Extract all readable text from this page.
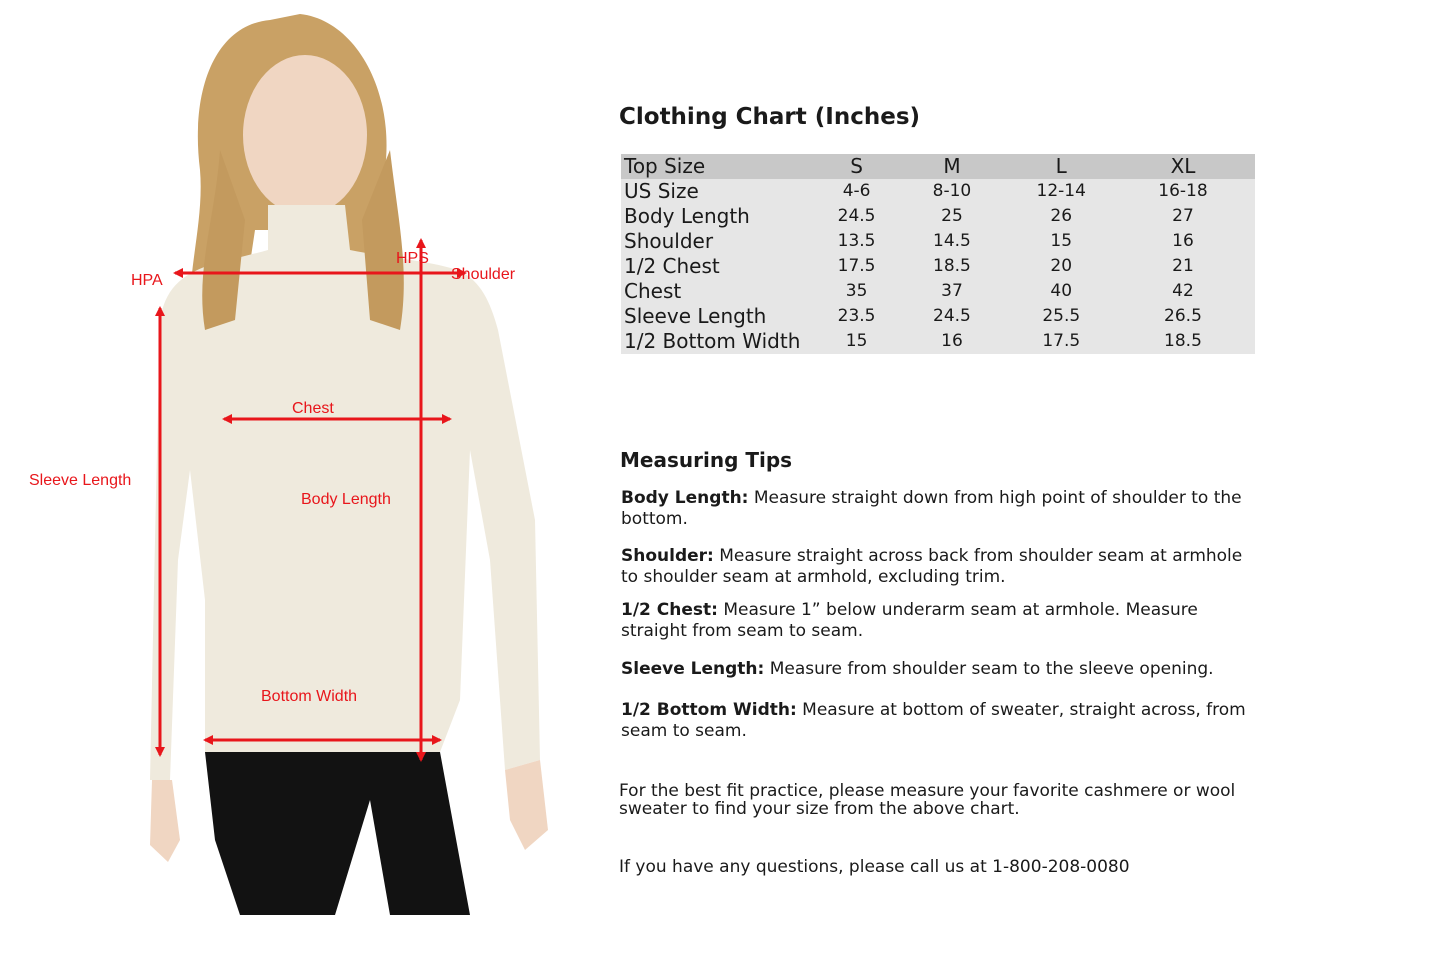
HPA
HPS
Shoulder
Chest
Body Length
Sleeve Length
Bottom Width
Clothing Chart (Inches)
Top Size	S	M	L	XL
US Size	4-6	8-10	12-14	16-18
Body Length	24.5	25	26	27
Shoulder	13.5	14.5	15	16
1/2 Chest	17.5	18.5	20	21
Chest	35	37	40	42
Sleeve Length	23.5	24.5	25.5	26.5
1/2 Bottom Width	15	16	17.5	18.5
Measuring Tips
Body Length: Measure straight down from high point of shoulder to the bottom.
Shoulder: Measure straight across back from shoulder seam at armhole to shoulder seam at armhold, excluding trim.
1/2 Chest: Measure 1” below underarm seam at armhole. Measure straight from seam to seam.
Sleeve Length: Measure from shoulder seam to the sleeve opening.
1/2 Bottom Width: Measure at bottom of sweater, straight across, from seam to seam.
For the best fit practice, please measure your favorite cashmere or wool sweater to find your size from the above chart.
If you have any questions, please call us at 1-800-208-0080
